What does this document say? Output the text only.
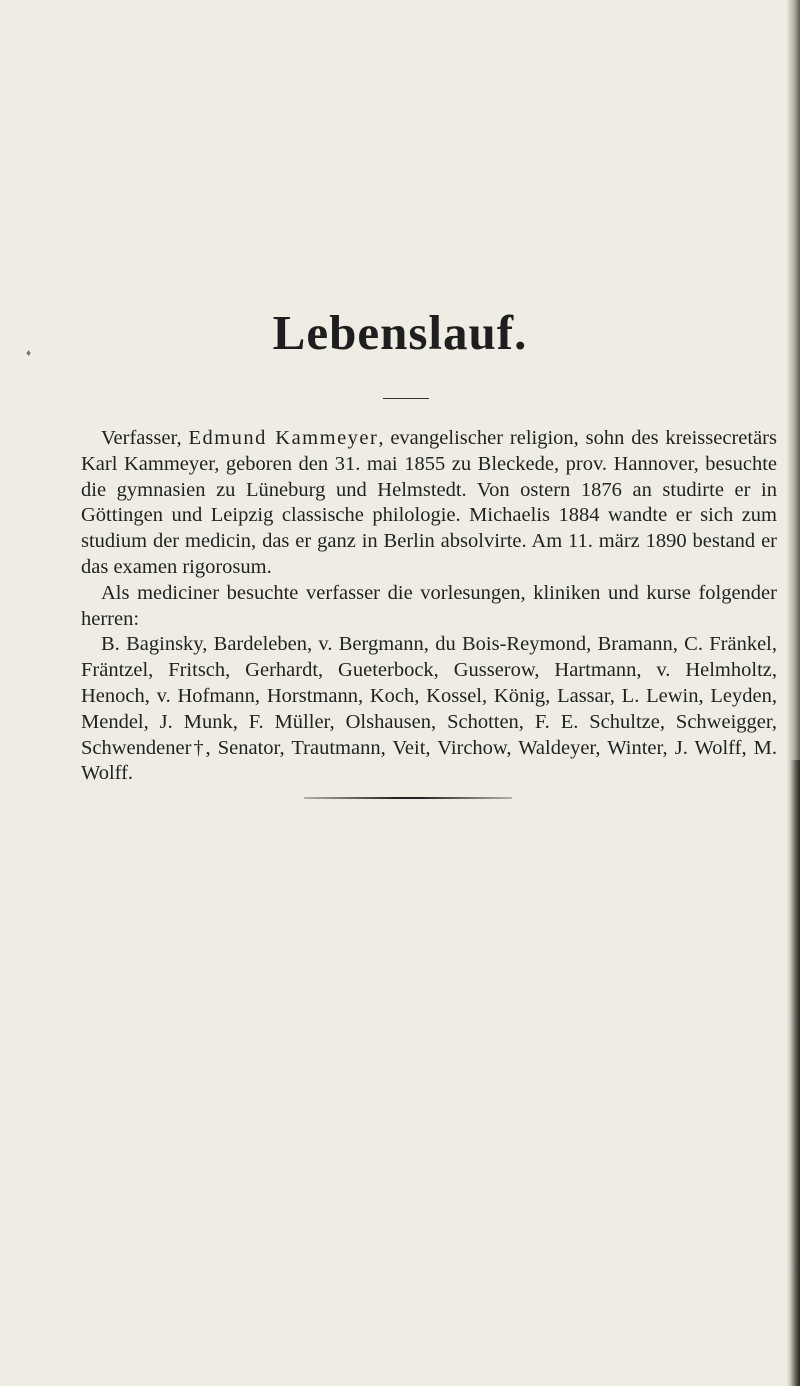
♦	Lebenslauf.

Verfasser, Edmund Kammeyer, evangelischer religion, sohn des kreissecretärs Karl Kammeyer, geboren den 31. mai 1855 zu Bleckede, prov. Hannover, besuchte die gymnasien zu Lüneburg und Helmstedt. Von ostern 1876 an studirte er in Göttingen und Leipzig classische philologie. Michaelis 1884 wandte er sich zum studium der medicin, das er ganz in Berlin absolvirte. Am 11. märz 1890 bestand er das examen rigorosum.

Als mediciner besuchte verfasser die vorlesungen, kliniken und kurse folgender herren:

B. Baginsky, Bardeleben, v. Bergmann, du Bois-Reymond, Bramann, C. Fränkel, Fräntzel, Fritsch, Gerhardt, Gueterbock, Gusserow, Hartmann, v. Helmholtz, Henoch, v. Hofmann, Horstmann, Koch, Kossel, König, Lassar, L. Lewin, Leyden, Mendel, J. Munk, F. Müller, Olshausen, Schotten, F. E. Schultze, Schweigger, Schwendener†, Senator, Trautmann, Veit, Virchow, Waldeyer, Winter, J. Wolff, M. Wolff.
